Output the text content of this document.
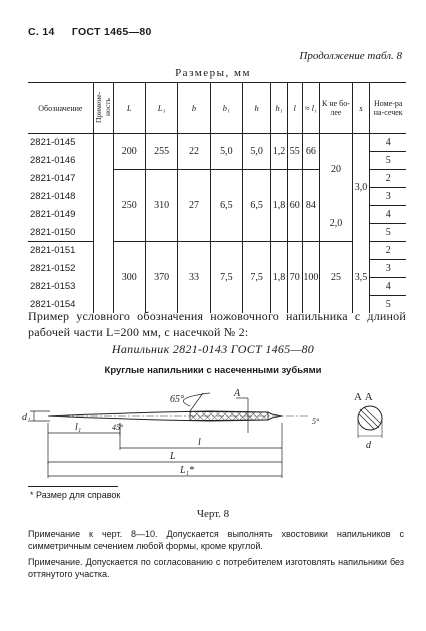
С. 14 ГОСТ 1465—80
Продолжение табл. 8
Размеры, мм
Обозначение	Примене-ность	L	L₁	b	b₁	h	h₁	l	≈ l₁	К не бо-лее	s	Номе-ра на-сечек
2821-0145		200	255	22	5,0	5,0	1,2	55	66	20	3,0	4
2821-0146												5
2821-0147		250	310	27	6,5	6,5	1,8	60	84			2
2821-0148												3
2821-0149										2,0		4
2821-0150												5
2821-0151		300	370	33	7,5	7,5	1,8	70	100	25	3,5	2
2821-0152												3
2821-0153												4
2821-0154												5
Пример условного обозначения ножовочного напильника с длиной рабочей части L=200 мм, с насечкой № 2:
Напильник 2821-0143 ГОСТ 1465—80
Круглые напильники с насеченными зубьями
d₁
l₁
l
L
L₁*
65°
45°
А
5°
А А
d
* Размер для справок
Черт. 8
Примечание к черт. 8—10. Допускается выполнять хвостовики напильников с симметричным сечением любой формы, кроме круглой.
Примечание. Допускается по согласованию с потребителем изготовлять напильники без оттянутого участка.
